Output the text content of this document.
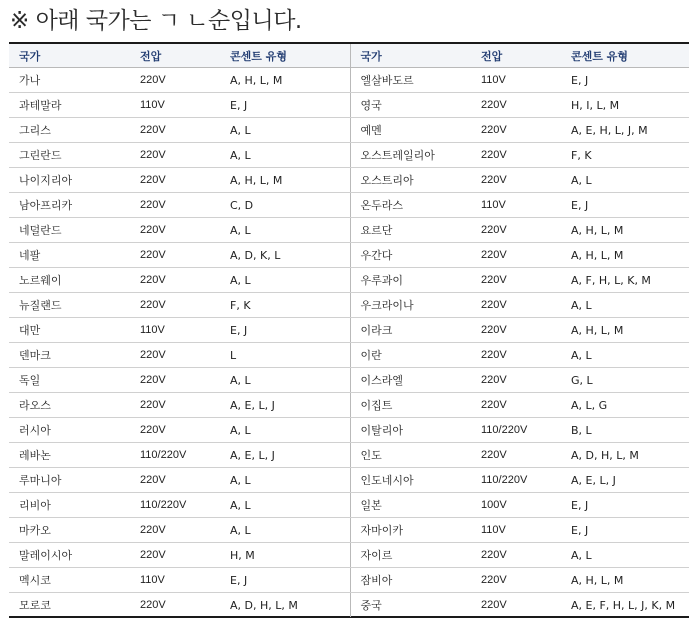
※ 아래 국가는 ㄱ ㄴ순입니다.
국가	전압	콘센트 유형	국가	전압	콘센트 유형
가나	220V	A, H, L, M	엘살바도르	110V	E, J
과테말라	110V	E, J	영국	220V	H, I, L, M
그리스	220V	A, L	예멘	220V	A, E, H, L, J, M
그린란드	220V	A, L	오스트레일리아	220V	F, K
나이지리아	220V	A, H, L, M	오스트리아	220V	A, L
남아프리카	220V	C, D	온두라스	110V	E, J
네덜란드	220V	A, L	요르단	220V	A, H, L, M
네팔	220V	A, D, K, L	우간다	220V	A, H, L, M
노르웨이	220V	A, L	우루과이	220V	A, F, H, L, K, M
뉴질랜드	220V	F, K	우크라이나	220V	A, L
대만	110V	E, J	이라크	220V	A, H, L, M
덴마크	220V	L	이란	220V	A, L
독일	220V	A, L	이스라엘	220V	G, L
라오스	220V	A, E, L, J	이집트	220V	A, L, G
러시아	220V	A, L	이탈리아	110/220V	B, L
레바논	110/220V	A, E, L, J	인도	220V	A, D, H, L, M
루마니아	220V	A, L	인도네시아	110/220V	A, E, L, J
리비아	110/220V	A, L	일본	100V	E, J
마카오	220V	A, L	자마이카	110V	E, J
말레이시아	220V	H, M	자이르	220V	A, L
멕시코	110V	E, J	잠비아	220V	A, H, L, M
모로코	220V	A, D, H, L, M	중국	220V	A, E, F, H, L, J, K, M
